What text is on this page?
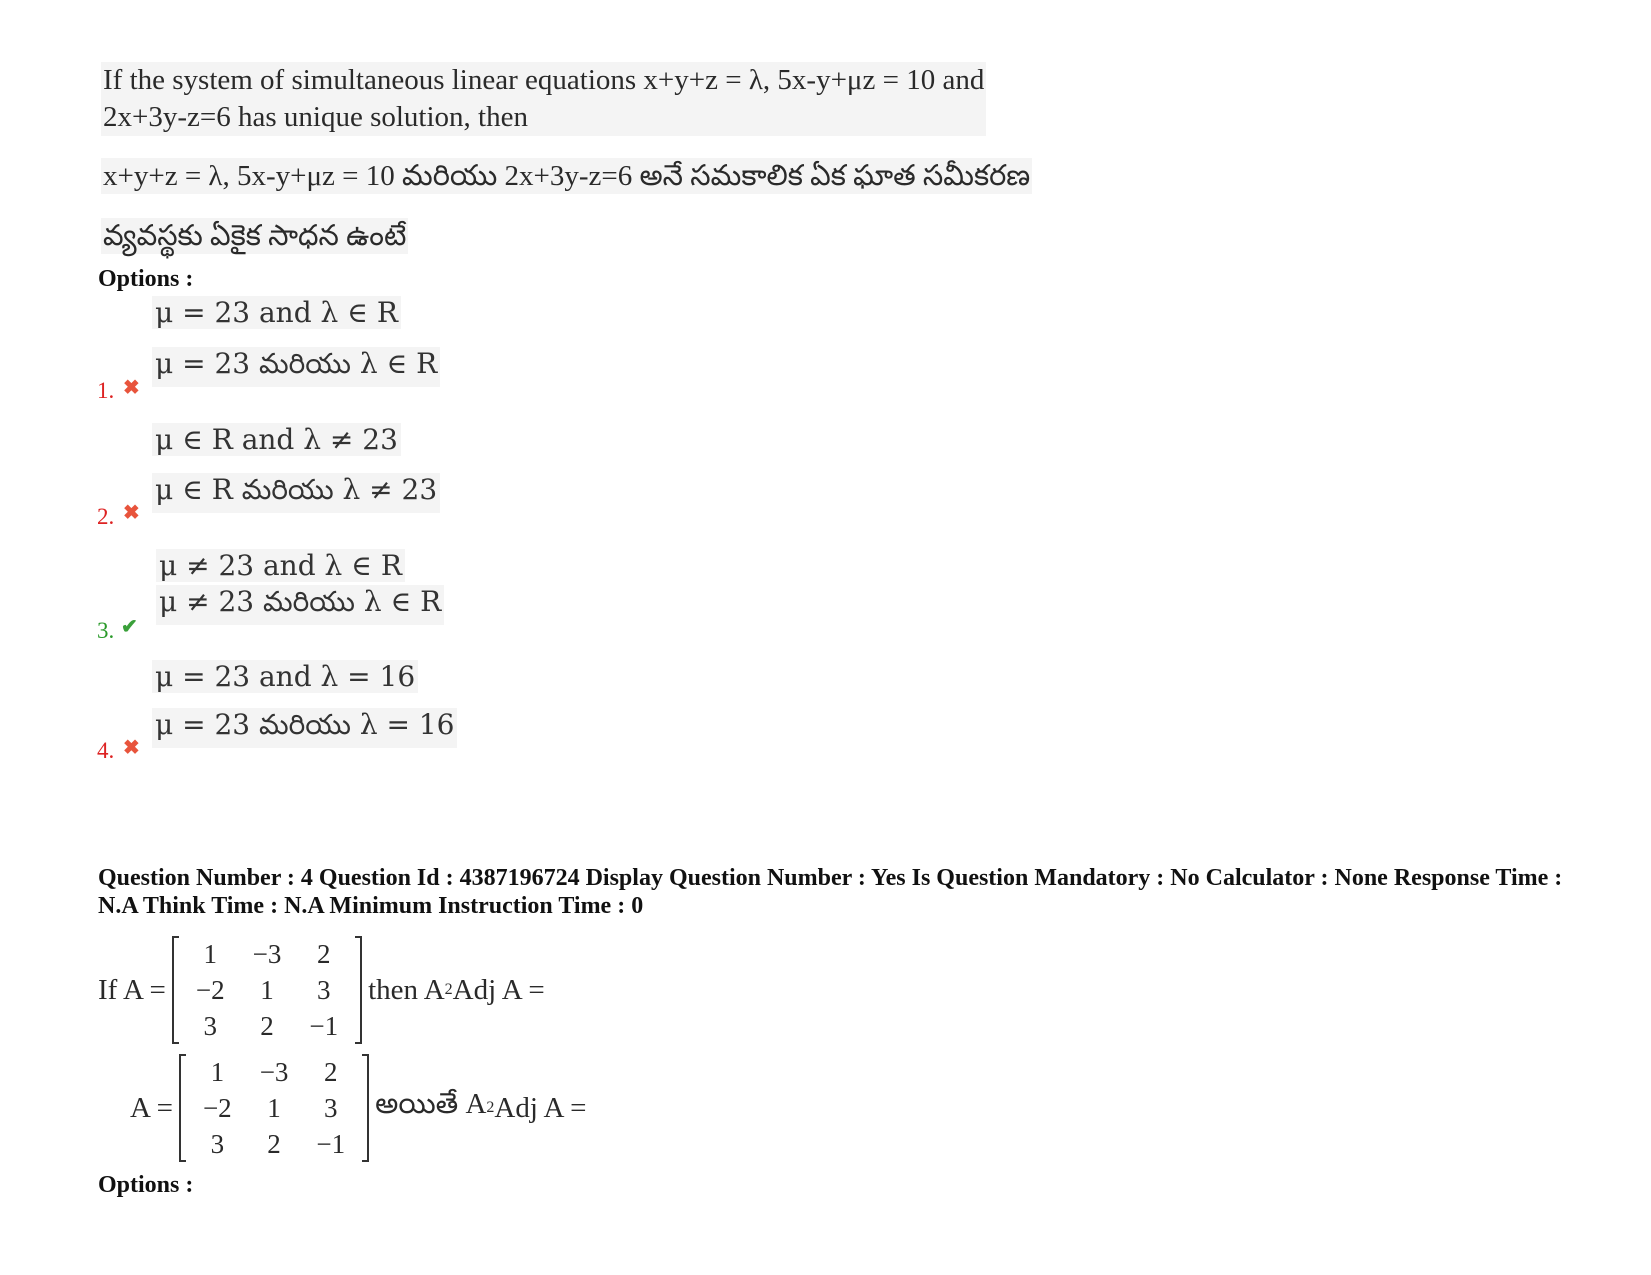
If the system of simultaneous linear equations x+y+z = λ, 5x-y+μz = 10 and
2x+3y-z=6 has unique solution, then
x+y+z = λ, 5x-y+μz = 10 మరియు 2x+3y-z=6 అనే సమకాలిక ఏక ఘాత సమీకరణ
వ్యవస్థకు ఏకైక సాధన ఉంటే
Options :
μ = 23 and λ ∈ R
μ = 23 మరియు λ ∈ R
1. ✖
μ ∈ R and λ ≠ 23
μ ∈ R మరియు λ ≠ 23
2. ✖
μ ≠ 23 and λ ∈ R
μ ≠ 23 మరియు λ ∈ R
3. ✔
μ = 23 and λ = 16
μ = 23 మరియు λ = 16
4. ✖
Question Number : 4 Question Id : 4387196724 Display Question Number : Yes Is Question Mandatory : No Calculator : None Response Time : N.A Think Time : N.A Minimum Instruction Time : 0
If A =
1	−3	2
−2	1	3
3	2	−1
then A 2 Adj A =
A =
1	−3	2
−2	1	3
3	2	−1
అయితే A 2 Adj A =
Options :
